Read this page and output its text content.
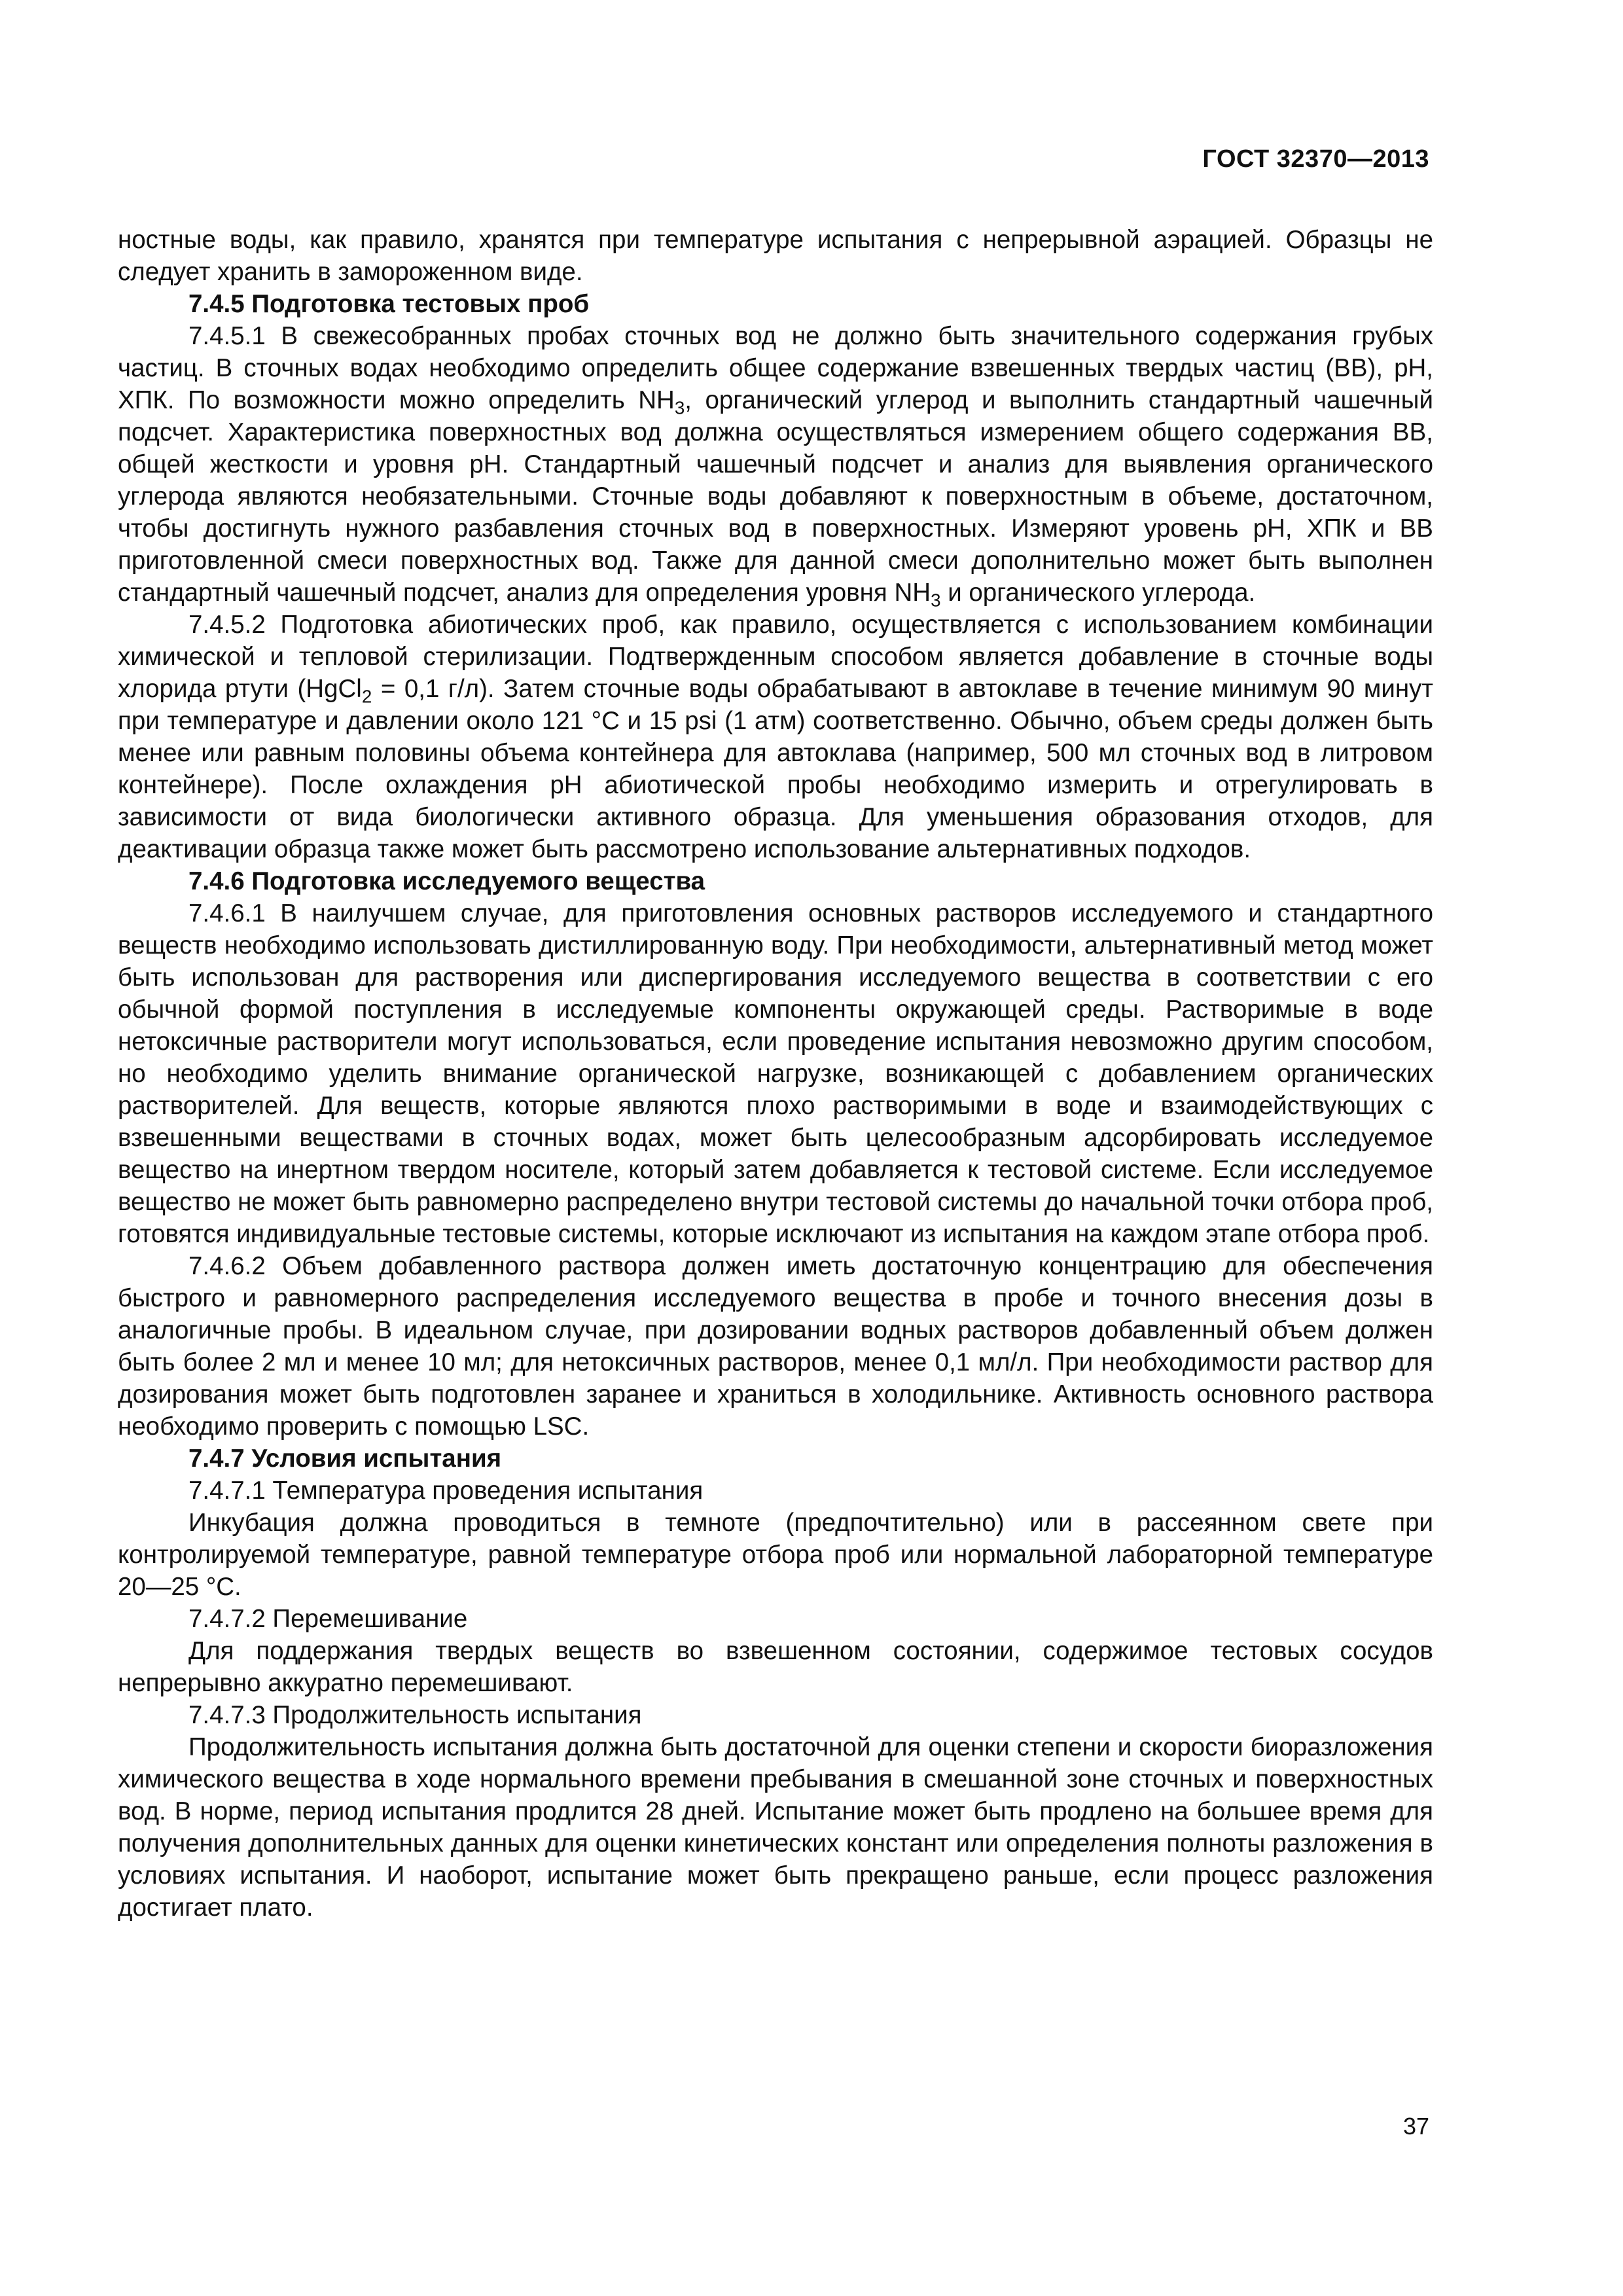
ГОСТ 32370—2013

ностные воды, как правило, хранятся при температуре испытания с непрерывной аэрацией. Образцы не следует хранить в замороженном виде.

7.4.5 Подготовка тестовых проб

7.4.5.1 В свежесобранных пробах сточных вод не должно быть значительного содержания грубых частиц. В сточных водах необходимо определить общее содержание взвешенных твердых частиц (ВВ), pH, ХПК. По возможности можно определить $NH_3$, органический углерод и выполнить стандартный чашечный подсчет. Характеристика поверхностных вод должна осуществляться измерением общего содержания ВВ, общей жесткости и уровня pH. Стандартный чашечный подсчет и анализ для выявления органического углерода являются необязательными. Сточные воды добавляют к поверхностным в объеме, достаточном, чтобы достигнуть нужного разбавления сточных вод в поверхностных. Измеряют уровень pH, ХПК и ВВ приготовленной смеси поверхностных вод. Также для данной смеси дополнительно может быть выполнен стандартный чашечный подсчет, анализ для определения уровня $NH_3$ и органического углерода.

7.4.5.2 Подготовка абиотических проб, как правило, осуществляется с использованием комбинации химической и тепловой стерилизации. Подтвержденным способом является добавление в сточные воды хлорида ртути (HgCl$_2$ = 0,1 г/л). Затем сточные воды обрабатывают в автоклаве в течение минимум 90 минут при температуре и давлении около 121 °С и 15 psi (1 атм) соответственно. Обычно, объем среды должен быть менее или равным половины объема контейнера для автоклава (например, 500 мл сточных вод в литровом контейнере). После охлаждения pH абиотической пробы необходимо измерить и отрегулировать в зависимости от вида биологически активного образца. Для уменьшения образования отходов, для деактивации образца также может быть рассмотрено использование альтернативных подходов.

7.4.6 Подготовка исследуемого вещества

7.4.6.1 В наилучшем случае, для приготовления основных растворов исследуемого и стандартного веществ необходимо использовать дистиллированную воду. При необходимости, альтернативный метод может быть использован для растворения или диспергирования исследуемого вещества в соответствии с его обычной формой поступления в исследуемые компоненты окружающей среды. Растворимые в воде нетоксичные растворители могут использоваться, если проведение испытания невозможно другим способом, но необходимо уделить внимание органической нагрузке, возникающей с добавлением органических растворителей. Для веществ, которые являются плохо растворимыми в воде и взаимодействующих с взвешенными веществами в сточных водах, может быть целесообразным адсорбировать исследуемое вещество на инертном твердом носителе, который затем добавляется к тестовой системе. Если исследуемое вещество не может быть равномерно распределено внутри тестовой системы до начальной точки отбора проб, готовятся индивидуальные тестовые системы, которые исключают из испытания на каждом этапе отбора проб.

7.4.6.2 Объем добавленного раствора должен иметь достаточную концентрацию для обеспечения быстрого и равномерного распределения исследуемого вещества в пробе и точного внесения дозы в аналогичные пробы. В идеальном случае, при дозировании водных растворов добавленный объем должен быть более 2 мл и менее 10 мл; для нетоксичных растворов, менее 0,1 мл/л. При необходимости раствор для дозирования может быть подготовлен заранее и храниться в холодильнике. Активность основного раствора необходимо проверить с помощью LSC.

7.4.7 Условия испытания

7.4.7.1 Температура проведения испытания

Инкубация должна проводиться в темноте (предпочтительно) или в рассеянном свете при контролируемой температуре, равной температуре отбора проб или нормальной лабораторной температуре 20—25 °С.

7.4.7.2 Перемешивание

Для поддержания твердых веществ во взвешенном состоянии, содержимое тестовых сосудов непрерывно аккуратно перемешивают.

7.4.7.3 Продолжительность испытания

Продолжительность испытания должна быть достаточной для оценки степени и скорости биоразложения химического вещества в ходе нормального времени пребывания в смешанной зоне сточных и поверхностных вод. В норме, период испытания продлится 28 дней. Испытание может быть продлено на большее время для получения дополнительных данных для оценки кинетических констант или определения полноты разложения в условиях испытания. И наоборот, испытание может быть прекращено раньше, если процесс разложения достигает плато.

37
